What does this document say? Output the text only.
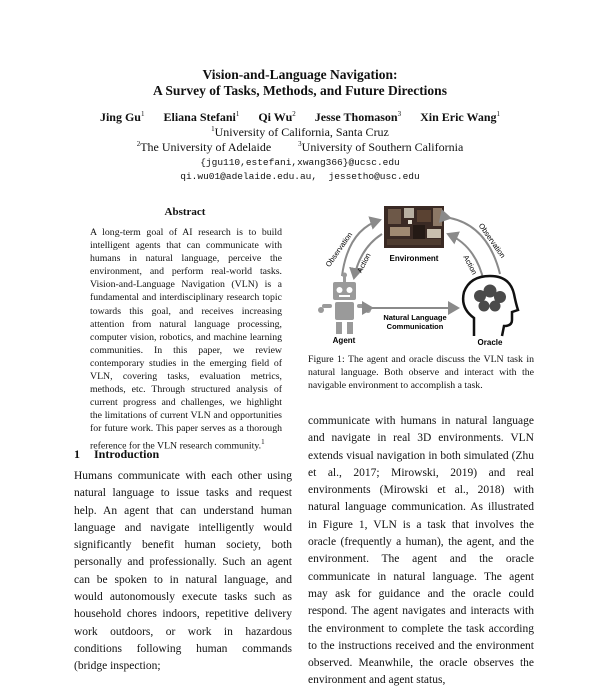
Vision-and-Language Navigation:
A Survey of Tasks, Methods, and Future Directions
Jing Gu$^1$ Eliana Stefani$^1$ Qi Wu$^2$ Jesse Thomason$^3$ Xin Eric Wang$^1$
$^1$University of California, Santa Cruz
$^2$The University of Adelaide	$^3$University of Southern California
{jgu110,estefani,xwang366}@ucsc.edu
qi.wu01@adelaide.edu.au,  jessetho@usc.edu
Abstract
A long-term goal of AI research is to build intelligent agents that can communicate with humans in natural language, perceive the environment, and perform real-world tasks. Vision-and-Language Navigation (VLN) is a fundamental and interdisciplinary research topic towards this goal, and receives increasing attention from natural language processing, computer vision, robotics, and machine learning communities. In this paper, we review contemporary studies in the emerging field of VLN, covering tasks, evaluation metrics, methods, etc. Through structured analysis of current progress and challenges, we highlight the limitations of current VLN and opportunities for future work. This paper serves as a thorough reference for the VLN research community.$^1$
1 Introduction
Humans communicate with each other using natural language to issue tasks and request help. An agent that can understand human language and navigate intelligently would significantly benefit human society, both personally and professionally. Such an agent can be spoken to in natural language, and would autonomously execute tasks such as household chores indoors, repetitive delivery work outdoors, or work in hazardous conditions following human commands (bridge inspection;
Environment
Observation Action
Observation
Action
Agent	Oracle
Natural Language
Communication
Figure 1: The agent and oracle discuss the VLN task in natural language. Both observe and interact with the navigable environment to accomplish a task.
communicate with humans in natural language and navigate in real 3D environments. VLN extends visual navigation in both simulated (Zhu et al., 2017; Mirowski, 2019) and real environments (Mirowski et al., 2018) with natural language communication. As illustrated in Figure 1, VLN is a task that involves the oracle (frequently a human), the agent, and the environment. The agent and the oracle communicate in natural language. The agent may ask for guidance and the oracle could respond. The agent navigates and interacts with the environment to complete the task according to the instructions received and the environment observed. Meanwhile, the oracle observes the environment and agent status,
